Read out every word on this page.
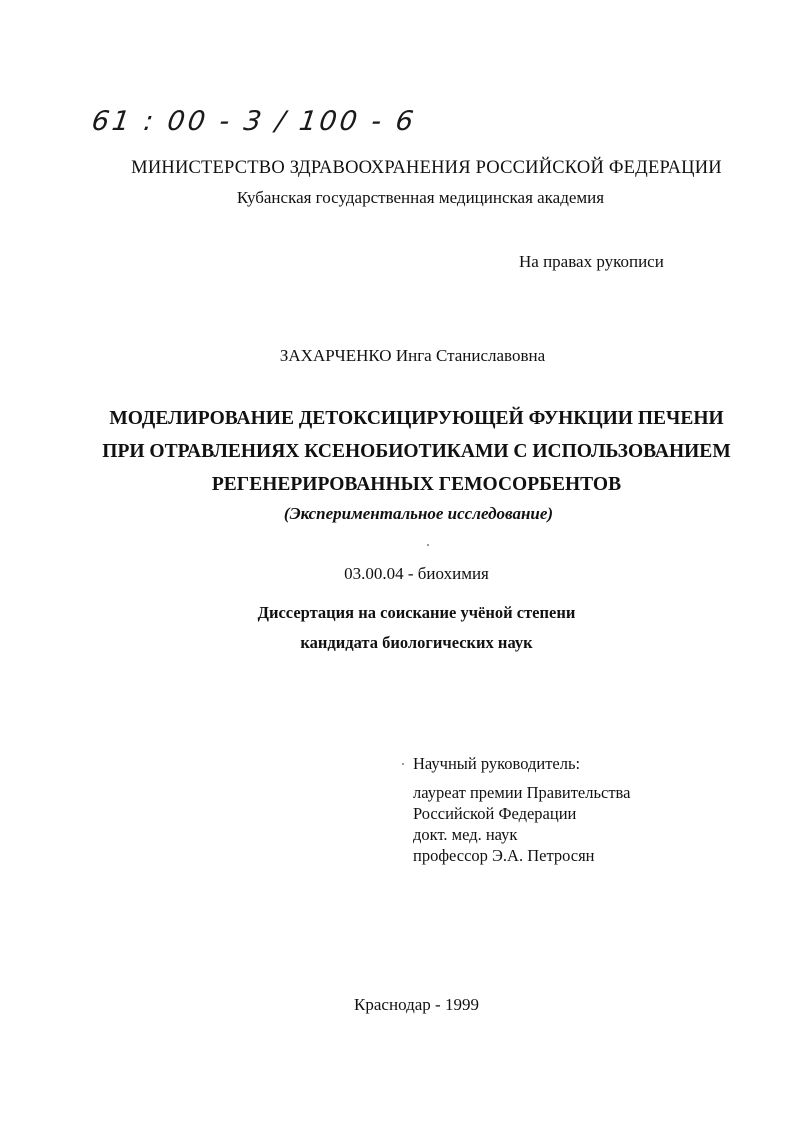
61 : 00 - 3 / 100 - 6
МИНИСТЕРСТВО ЗДРАВООХРАНЕНИЯ РОССИЙСКОЙ ФЕДЕРАЦИИ
Кубанская государственная медицинская академия
На правах рукописи
ЗАХАРЧЕНКО Инга Станиславовна
МОДЕЛИРОВАНИЕ ДЕТОКСИЦИРУЮЩЕЙ ФУНКЦИИ ПЕЧЕНИ
ПРИ ОТРАВЛЕНИЯХ КСЕНОБИОТИКАМИ С ИСПОЛЬЗОВАНИЕМ
РЕГЕНЕРИРОВАННЫХ ГЕМОСОРБЕНТОВ
(Экспериментальное исследование)
03.00.04 - биохимия
Диссертация на соискание учёной степени
кандидата биологических наук
Научный руководитель:
лауреат премии Правительства
Российской Федерации
докт. мед. наук
профессор Э.А. Петросян
Краснодар - 1999
